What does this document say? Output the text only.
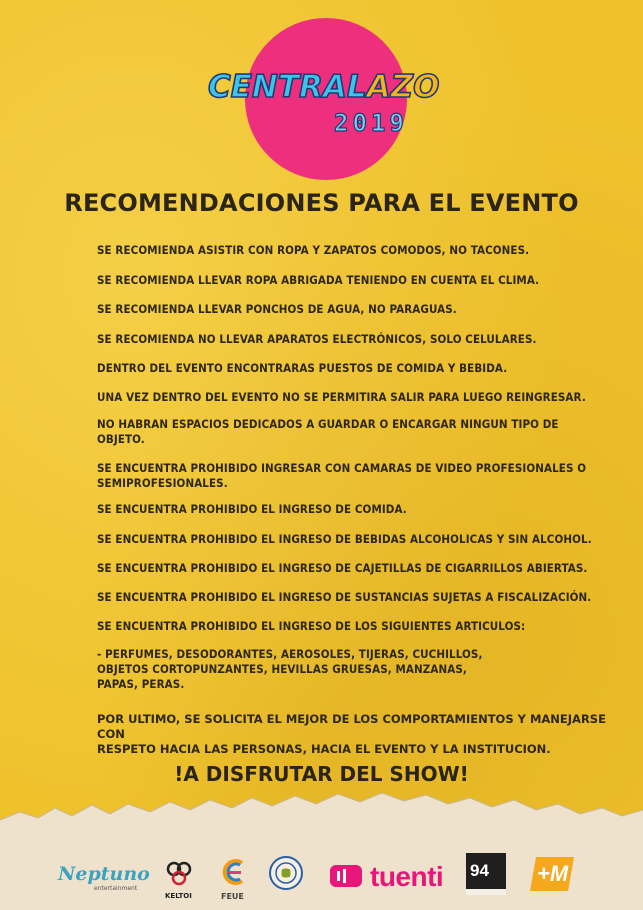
CENTRALAZO
2019
RECOMENDACIONES PARA EL EVENTO

SE RECOMIENDA ASISTIR CON ROPA Y ZAPATOS COMODOS, NO TACONES.

SE RECOMIENDA LLEVAR ROPA ABRIGADA TENIENDO EN CUENTA EL CLIMA.

SE RECOMIENDA LLEVAR PONCHOS DE AGUA, NO PARAGUAS.

SE RECOMIENDA NO LLEVAR APARATOS ELECTRÓNICOS, SOLO CELULARES.

DENTRO DEL EVENTO ENCONTRARAS PUESTOS DE COMIDA Y BEBIDA.

UNA VEZ DENTRO DEL EVENTO NO SE PERMITIRA SALIR PARA LUEGO REINGRESAR.

NO HABRAN ESPACIOS DEDICADOS A GUARDAR O ENCARGAR NINGUN TIPO DE
OBJETO.

SE ENCUENTRA PROHIBIDO INGRESAR CON CAMARAS DE VIDEO PROFESIONALES O
SEMIPROFESIONALES.

SE ENCUENTRA PROHIBIDO EL INGRESO DE COMIDA.

SE ENCUENTRA PROHIBIDO EL INGRESO DE BEBIDAS ALCOHOLICAS Y SIN ALCOHOL.

SE ENCUENTRA PROHIBIDO EL INGRESO DE CAJETILLAS DE CIGARRILLOS ABIERTAS.

SE ENCUENTRA PROHIBIDO EL INGRESO DE SUSTANCIAS SUJETAS A FISCALIZACIÓN.

SE ENCUENTRA PROHIBIDO EL INGRESO DE LOS SIGUIENTES ARTICULOS:

- PERFUMES, DESODORANTES, AEROSOLES, TIJERAS, CUCHILLOS,
OBJETOS CORTOPUNZANTES, HEVILLAS GRUESAS, MANZANAS,
PAPAS, PERAS.

POR ULTIMO, SE SOLICITA EL MEJOR DE LOS COMPORTAMIENTOS Y MANEJARSE CON
RESPETO HACIA LAS PERSONAS, HACIA EL EVENTO Y LA INSTITUCION.
!A DISFRUTAR DEL SHOW!
Neptuno
entertainment
KELTOI	FEUE
tuenti 94 +M
